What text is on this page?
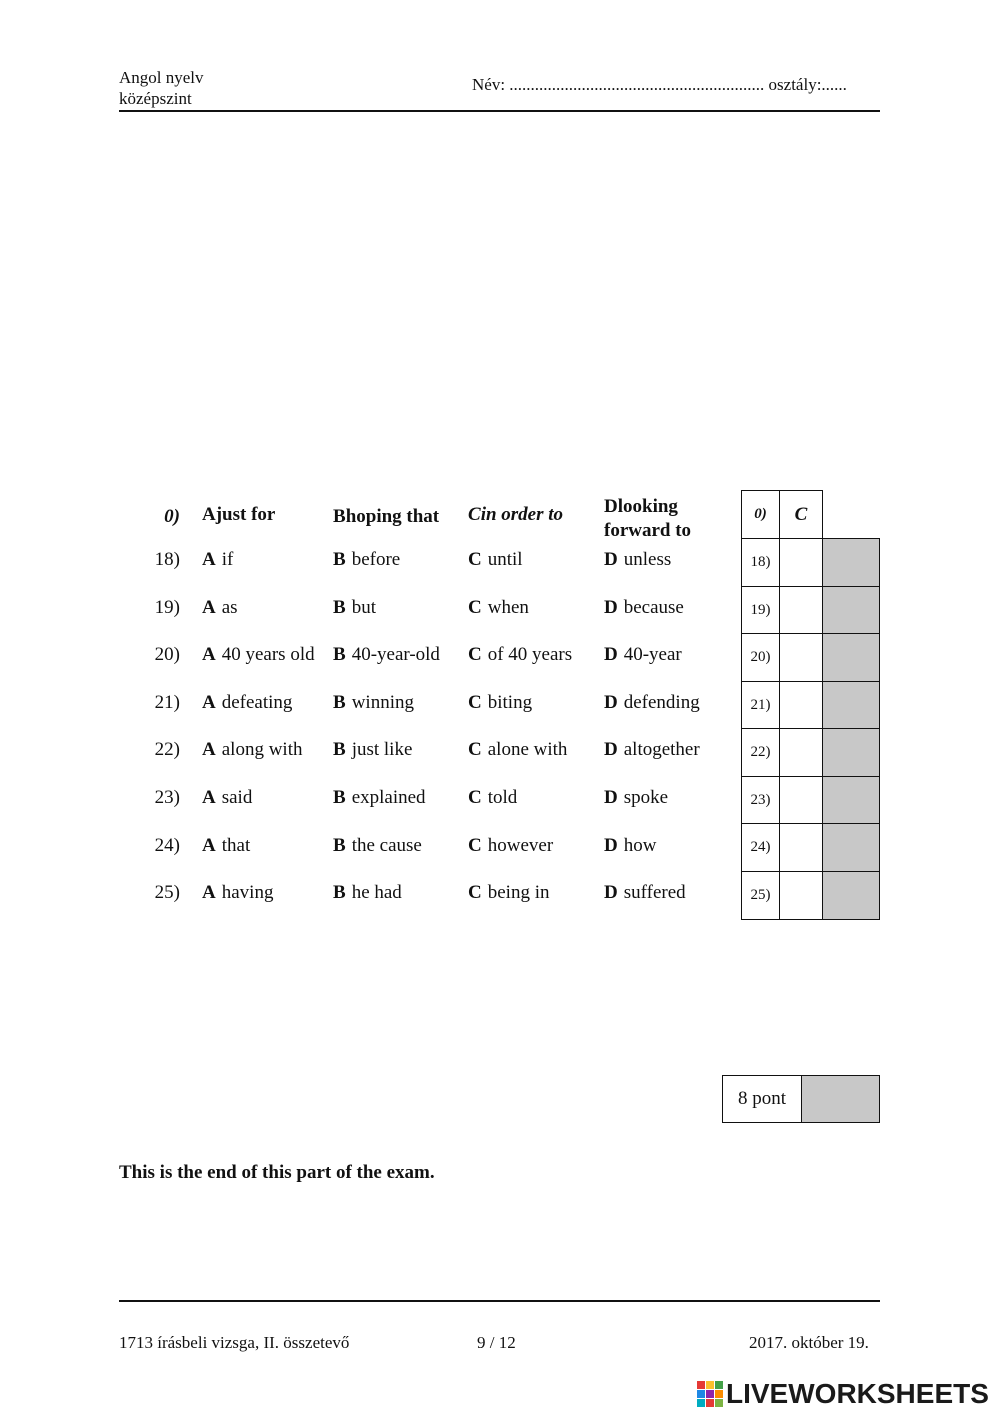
Angol nyelv
középszint
Név: ............................................................ osztály:......
0) Ajust for	Bhoping that Cin order to Dlooking
forward to
18) A if	B before	C until	D unless
19) A as	B but	C when	D because
20) A 40 years old B 40-year-old C of 40 years D 40-year
21) A defeating B winning	C biting	D defending
22) A along with B just like	C alone with D altogether
23) A said	B explained C told	D spoke
24) A that	B the cause C however	D how
25) A having	B he had	C being in	D suffered
0)	C
18)
19)
20)
21)
22)
23)
24)
25)
8 pont
This is the end of this part of the exam.
1713 írásbeli vizsga, II. összetevő	9 / 12	2017. október 19.
LIVEWORKSHEETS
